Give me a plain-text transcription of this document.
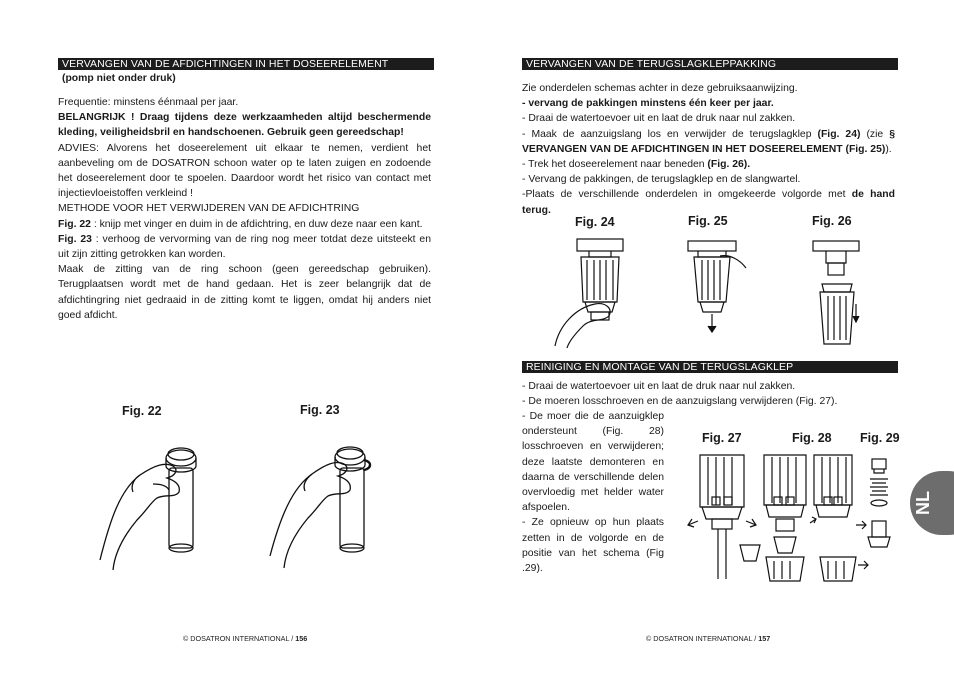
VERVANGEN VAN DE AFDICHTINGEN IN HET DOSEERELEMENT
(pomp niet onder druk)

Frequentie: minstens éénmaal per jaar.

BELANGRIJK ! Draag tijdens deze werkzaamheden altijd beschermende kleding, veiligheidsbril en handschoenen. Gebruik geen gereedschap!

ADVIES: Alvorens het doseerelement uit elkaar te nemen, verdient het aanbeveling om de DOSATRON schoon water op te laten zuigen en zodoende het doseerelement door te spoelen. Daardoor wordt het risico van contact met injectievloeistoffen verkleind !

METHODE VOOR HET VERWIJDEREN VAN DE AFDICHTRING

Fig. 22 : knijp met vinger en duim in de afdichtring, en duw deze naar een kant.

Fig. 23 : verhoog de vervorming van de ring nog meer totdat deze uitsteekt en uit zijn zitting getrokken kan worden.

Maak de zitting van de ring schoon (geen gereedschap gebruiken). Terugplaatsen wordt met de hand gedaan. Het is zeer belangrijk dat de afdichtingring niet gedraaid in de zitting komt te liggen, omdat hij anders niet goed afdicht.

Fig. 22	Fig. 23
© DOSATRON INTERNATIONAL / 156
VERVANGEN VAN DE TERUGSLAGKLEPPAKKING

Zie onderdelen schemas achter in deze gebruiksaanwijzing.

- vervang de pakkingen minstens één keer per jaar.

- Draai de watertoevoer uit en laat de druk naar nul zakken.

- Maak de aanzuigslang los en verwijder de terugslagklep (Fig. 24) (zie § VERVANGEN VAN DE AFDICHTINGEN IN HET DOSEERELEMENT (Fig. 25)).

- Trek het doseerelement naar beneden (Fig. 26).

- Vervang de pakkingen, de terugslagklep en de slangwartel.

-Plaats de verschillende onderdelen in omgekeerde volgorde met de hand terug.

Fig. 24	Fig. 25	Fig. 26
REINIGING EN MONTAGE VAN DE TERUGSLAGKLEP

- Draai de watertoevoer uit en laat de druk naar nul zakken.

- De moeren losschroeven en de aanzuigslang verwijderen (Fig. 27).

- De moer die de aanzuigklep ondersteunt (Fig. 28) losschroeven en verwijderen; deze laatste demonteren en daarna de verschillende delen overvloedig met helder water afspoelen.

- Ze opnieuw op hun plaats zetten in de volgorde en de positie van het schema (Fig .29).

Fig. 27	Fig. 28 Fig. 29
NL
© DOSATRON INTERNATIONAL / 157
